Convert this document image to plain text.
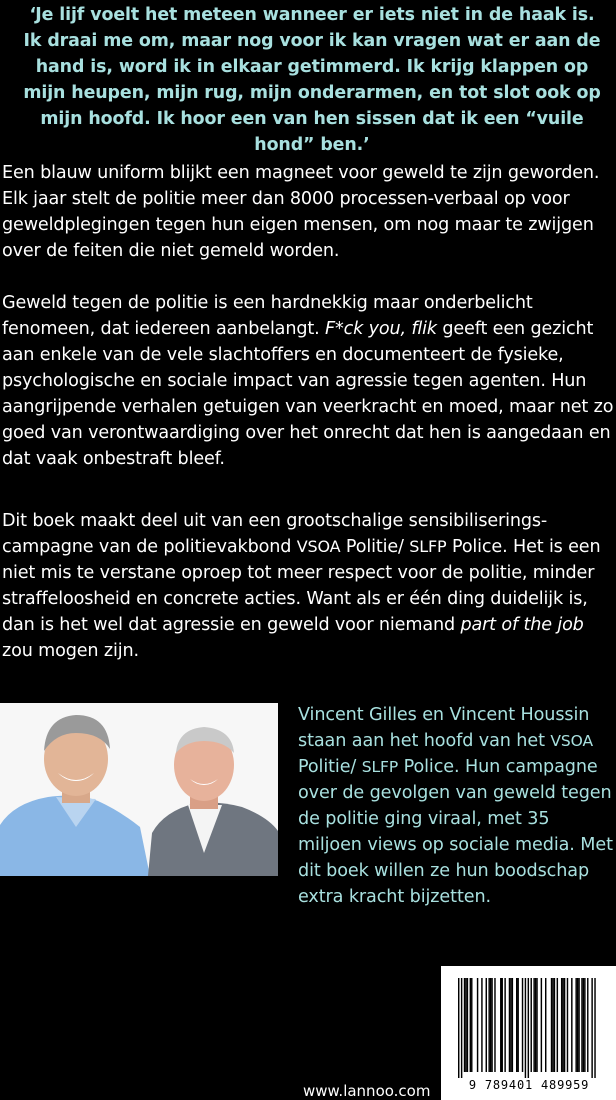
‘Je lijf voelt het meteen wanneer er iets niet in de haak is. Ik draai me om, maar nog voor ik kan vragen wat er aan de hand is, word ik in elkaar getimmerd. Ik krijg klappen op mijn heupen, mijn rug, mijn onderarmen, en tot slot ook op mijn hoofd. Ik hoor een van hen sissen dat ik een “vuile hond” ben.’

Een blauw uniform blijkt een magneet voor geweld te zijn geworden. Elk jaar stelt de politie meer dan 8000 processen-verbaal op voor geweldplegingen tegen hun eigen mensen, om nog maar te zwijgen over de feiten die niet gemeld worden.

Geweld tegen de politie is een hardnekkig maar onderbelicht fenomeen, dat iedereen aanbelangt. F*ck you, flik geeft een gezicht aan enkele van de vele slachtoffers en documenteert de fysieke, psychologische en sociale impact van agressie tegen agenten. Hun aangrijpende verhalen getuigen van veerkracht en moed, maar net zo goed van verontwaardiging over het onrecht dat hen is aangedaan en dat vaak onbestraft bleef.

Dit boek maakt deel uit van een grootschalige sensibiliserings-campagne van de politievakbond VSOA Politie/ SLFP Police. Het is een niet mis te verstane oproep tot meer respect voor de politie, minder straffeloosheid en concrete acties. Want als er één ding duidelijk is, dan is het wel dat agressie en geweld voor niemand part of the job zou mogen zijn.

Vincent Gilles en Vincent Houssin staan aan het hoofd van het VSOA Politie/ SLFP Police. Hun campagne over de gevolgen van geweld tegen de politie ging viraal, met 35 miljoen views op sociale media. Met dit boek willen ze hun boodschap extra kracht bijzetten.

9 789401 489959
www.lannoo.com
